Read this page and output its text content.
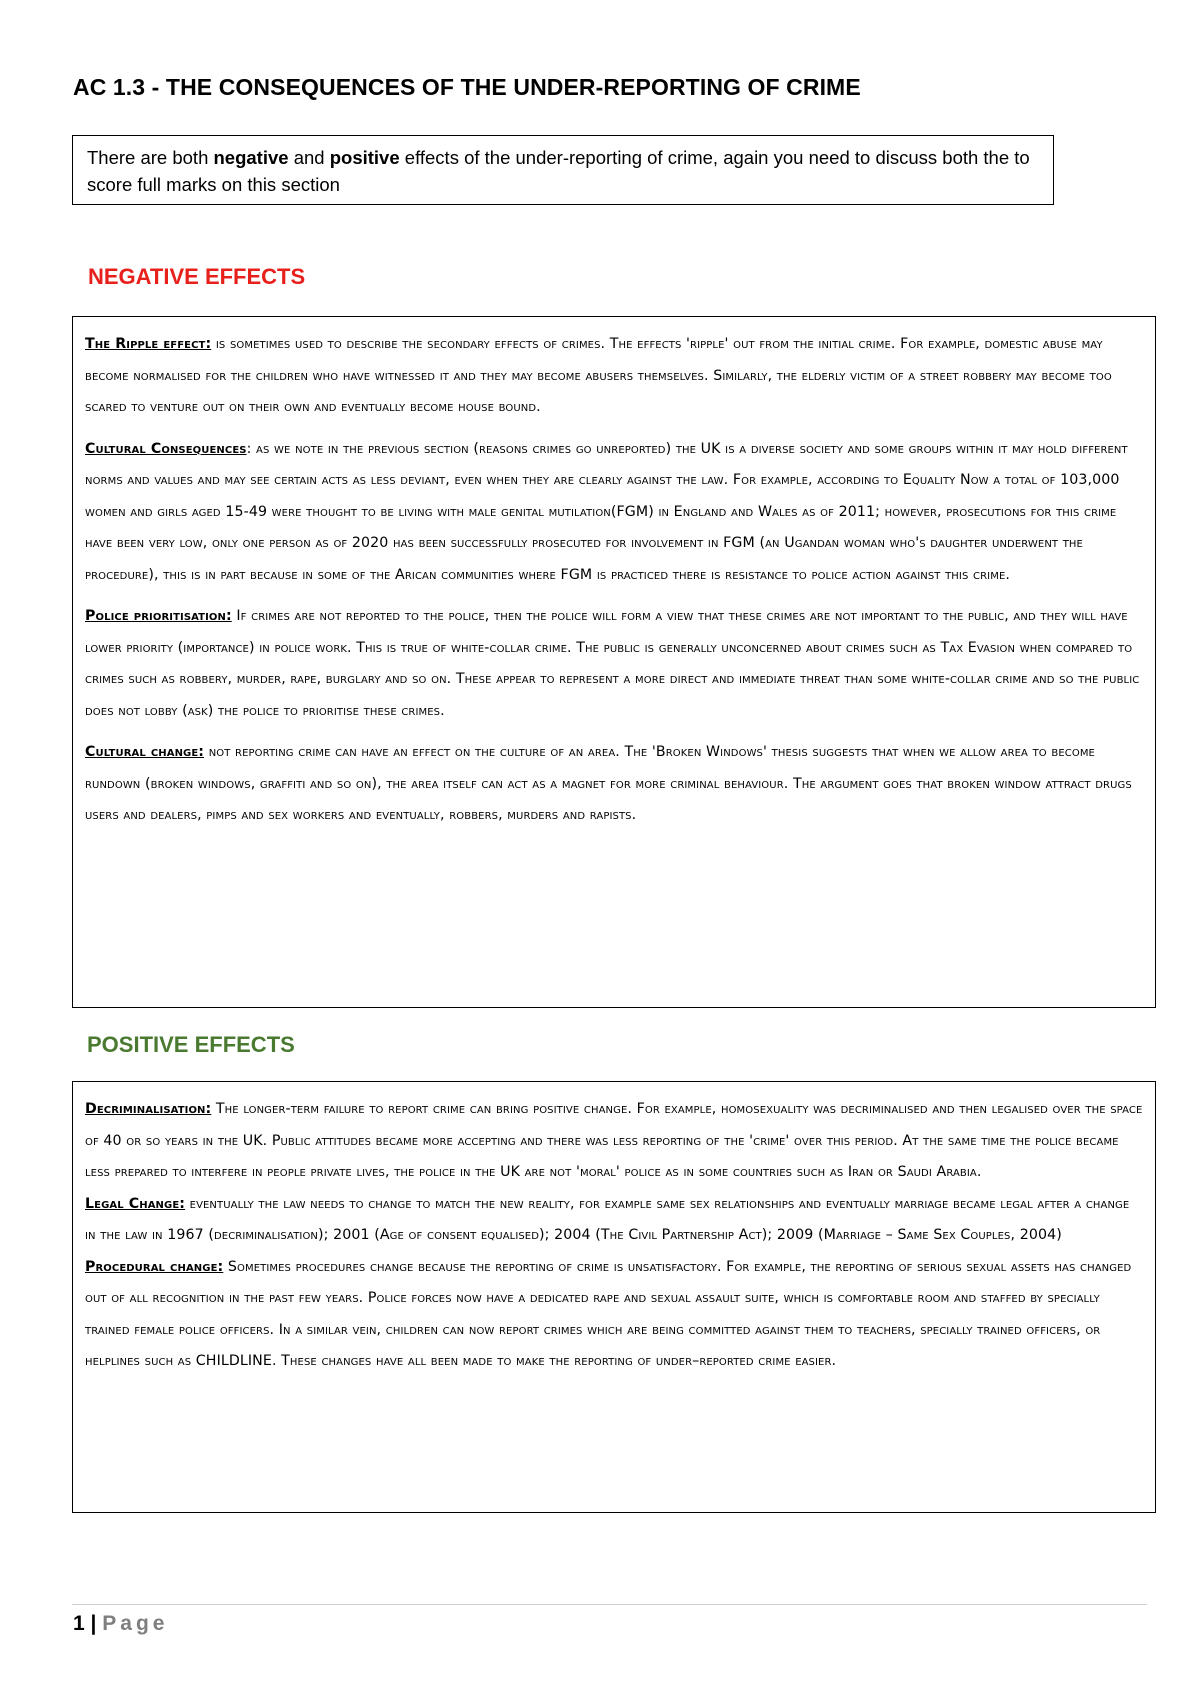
AC 1.3 - THE CONSEQUENCES OF THE UNDER-REPORTING OF CRIME
There are both negative and positive effects of the under-reporting of crime, again you need to discuss both the to score full marks on this section
NEGATIVE EFFECTS

The Ripple effect: is sometimes used to describe the secondary effects of crimes. The effects 'ripple' out from the initial crime. For example, domestic abuse may become normalised for the children who have witnessed it and they may become abusers themselves. Similarly, the elderly victim of a street robbery may become too scared to venture out on their own and eventually become house bound.

Cultural Consequences: as we note in the previous section (reasons crimes go unreported) the UK is a diverse society and some groups within it may hold different norms and values and may see certain acts as less deviant, even when they are clearly against the law. For example, according to Equality Now a total of 103,000 women and girls aged 15-49 were thought to be living with male genital mutilation(FGM) in England and Wales as of 2011; however, prosecutions for this crime have been very low, only one person as of 2020 has been successfully prosecuted for involvement in FGM (an Ugandan woman who's daughter underwent the procedure), this is in part because in some of the Arican communities where FGM is practiced there is resistance to police action against this crime.

Police prioritisation: If crimes are not reported to the police, then the police will form a view that these crimes are not important to the public, and they will have lower priority (importance) in police work. This is true of white-collar crime. The public is generally unconcerned about crimes such as Tax Evasion when compared to crimes such as robbery, murder, rape, burglary and so on. These appear to represent a more direct and immediate threat than some white-collar crime and so the public does not lobby (ask) the police to prioritise these crimes.

Cultural change: not reporting crime can have an effect on the culture of an area. The 'Broken Windows' thesis suggests that when we allow area to become rundown (broken windows, graffiti and so on), the area itself can act as a magnet for more criminal behaviour. The argument goes that broken window attract drugs users and dealers, pimps and sex workers and eventually, robbers, murders and rapists.

POSITIVE EFFECTS

Decriminalisation: The longer-term failure to report crime can bring positive change. For example, homosexuality was decriminalised and then legalised over the space of 40 or so years in the UK. Public attitudes became more accepting and there was less reporting of the 'crime' over this period. At the same time the police became less prepared to interfere in people private lives, the police in the UK are not 'moral' police as in some countries such as Iran or Saudi Arabia.

Legal Change: eventually the law needs to change to match the new reality, for example same sex relationships and eventually marriage became legal after a change in the law in 1967 (decriminalisation); 2001 (Age of consent equalised); 2004 (The Civil Partnership Act); 2009 (Marriage – Same Sex Couples, 2004)

Procedural change: Sometimes procedures change because the reporting of crime is unsatisfactory. For example, the reporting of serious sexual assets has changed out of all recognition in the past few years. Police forces now have a dedicated rape and sexual assault suite, which is comfortable room and staffed by specially trained female police officers. In a similar vein, children can now report crimes which are being committed against them to teachers, specially trained officers, or helplines such as CHILDLINE. These changes have all been made to make the reporting of under–reported crime easier.

1 | Page
